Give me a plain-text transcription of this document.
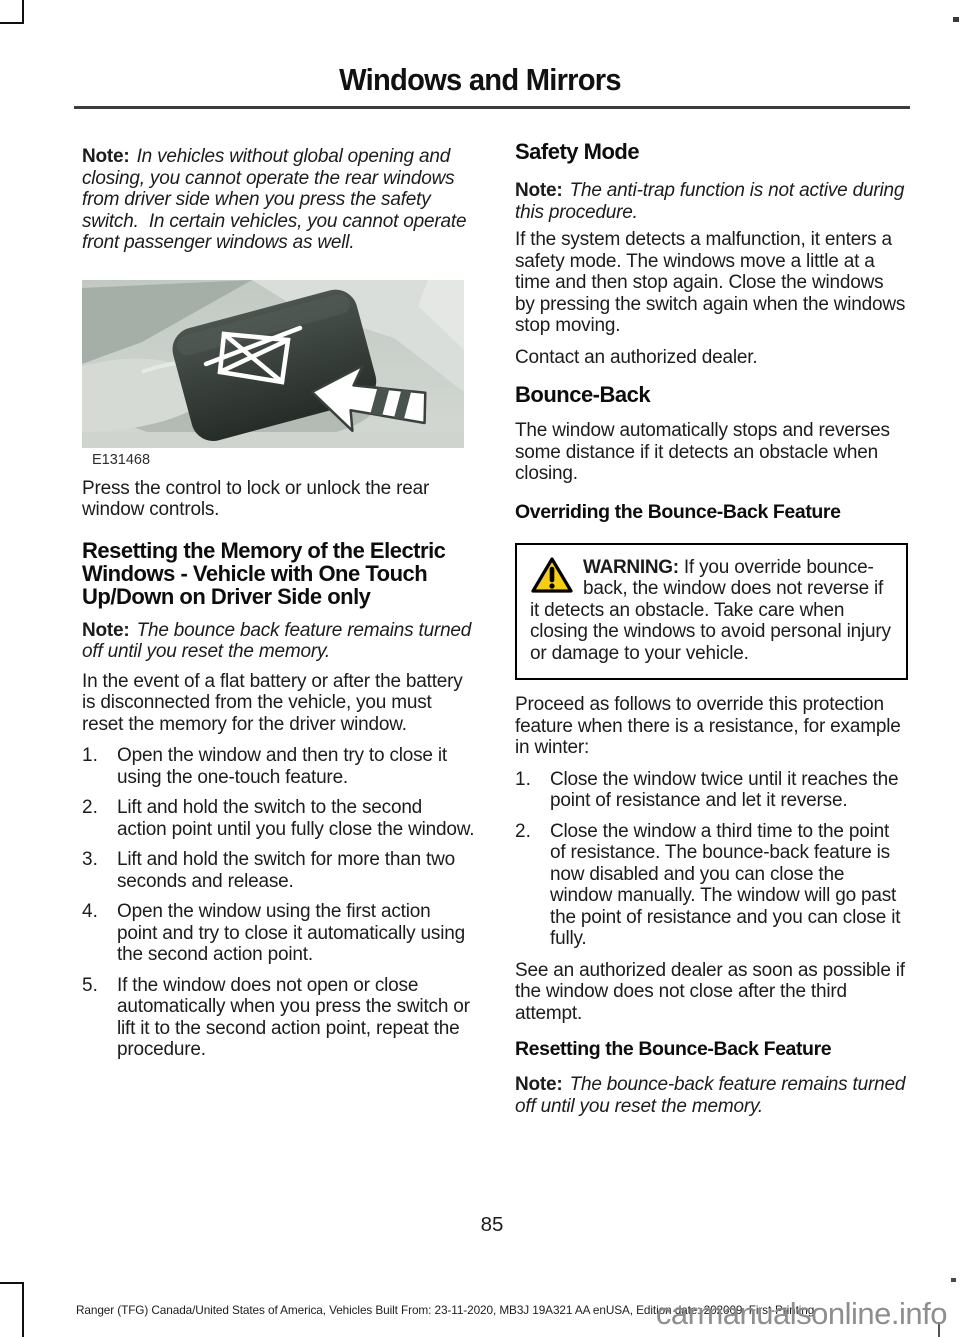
Windows and Mirrors

Note: In vehicles without global opening and closing, you cannot operate the rear windows from driver side when you press the safety switch.  In certain vehicles, you cannot operate front passenger windows as well.

E131468

Press the control to lock or unlock the rear window controls.

Resetting the Memory of the Electric Windows - Vehicle with One Touch Up/Down on Driver Side only

Note: The bounce back feature remains turned off until you reset the memory.

In the event of a flat battery or after the battery is disconnected from the vehicle, you must reset the memory for the driver window.

1.	Open the window and then try to close it using the one-touch feature.
2.	Lift and hold the switch to the second action point until you fully close the window.
3.	Lift and hold the switch for more than two seconds and release.
4.	Open the window using the first action point and try to close it automatically using the second action point.
5.	If the window does not open or close automatically when you press the switch or lift it to the second action point, repeat the procedure.
Safety Mode

Note: The anti-trap function is not active during this procedure.

If the system detects a malfunction, it enters a safety mode. The windows move a little at a time and then stop again. Close the windows by pressing the switch again when the windows stop moving.

Contact an authorized dealer.

Bounce-Back

The window automatically stops and reverses some distance if it detects an obstacle when closing.

Overriding the Bounce-Back Feature

WARNING: If you override bounce-back, the window does not reverse if it detects an obstacle. Take care when closing the windows to avoid personal injury or damage to your vehicle.

Proceed as follows to override this protection feature when there is a resistance, for example in winter:

1.	Close the window twice until it reaches the point of resistance and let it reverse.
2.	Close the window a third time to the point of resistance. The bounce-back feature is now disabled and you can close the window manually. The window will go past the point of resistance and you can close it fully.

See an authorized dealer as soon as possible if the window does not close after the third attempt.

Resetting the Bounce-Back Feature

Note: The bounce-back feature remains turned off until you reset the memory.

85
Ranger (TFG) Canada/United States of America, Vehicles Built From: 23-11-2020, MB3J 19A321 AA enUSA, Edition date: 202009, First-Printing
carmanualsonline.info
